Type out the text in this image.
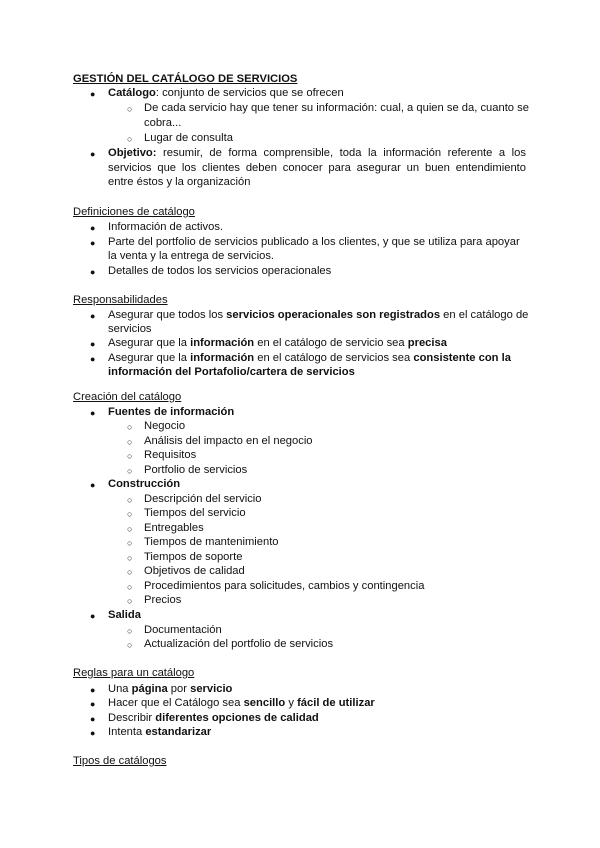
GESTIÓN DEL CATÁLOGO DE SERVICIOS
● Catálogo: conjunto de servicios que se ofrecen
○ De cada servicio hay que tener su información: cual, a quien se da, cuanto se
cobra...
○ Lugar de consulta
● Objetivo: resumir, de forma comprensible, toda la información referente a los servicios que los clientes deben conocer para asegurar un buen entendimiento entre éstos y la organización
Definiciones de catálogo
● Información de activos.
● Parte del portfolio de servicios publicado a los clientes, y que se utiliza para apoyar
la venta y la entrega de servicios.
● Detalles de todos los servicios operacionales
Responsabilidades
● Asegurar que todos los servicios operacionales son registrados en el catálogo de
servicios
● Asegurar que la información en el catálogo de servicio sea precisa
● Asegurar que la información en el catálogo de servicios sea consistente con la
información del Portafolio/cartera de servicios
Creación del catálogo
● Fuentes de información
○ Negocio
○ Análisis del impacto en el negocio
○ Requisitos
○ Portfolio de servicios
● Construcción
○ Descripción del servicio
○ Tiempos del servicio
○ Entregables
○ Tiempos de mantenimiento
○ Tiempos de soporte
○ Objetivos de calidad
○ Procedimientos para solicitudes, cambios y contingencia
○ Precios
● Salida
○ Documentación
○ Actualización del portfolio de servicios
Reglas para un catálogo
● Una página por servicio
● Hacer que el Catálogo sea sencillo y fácil de utilizar
● Describir diferentes opciones de calidad
● Intenta estandarizar
Tipos de catálogos
